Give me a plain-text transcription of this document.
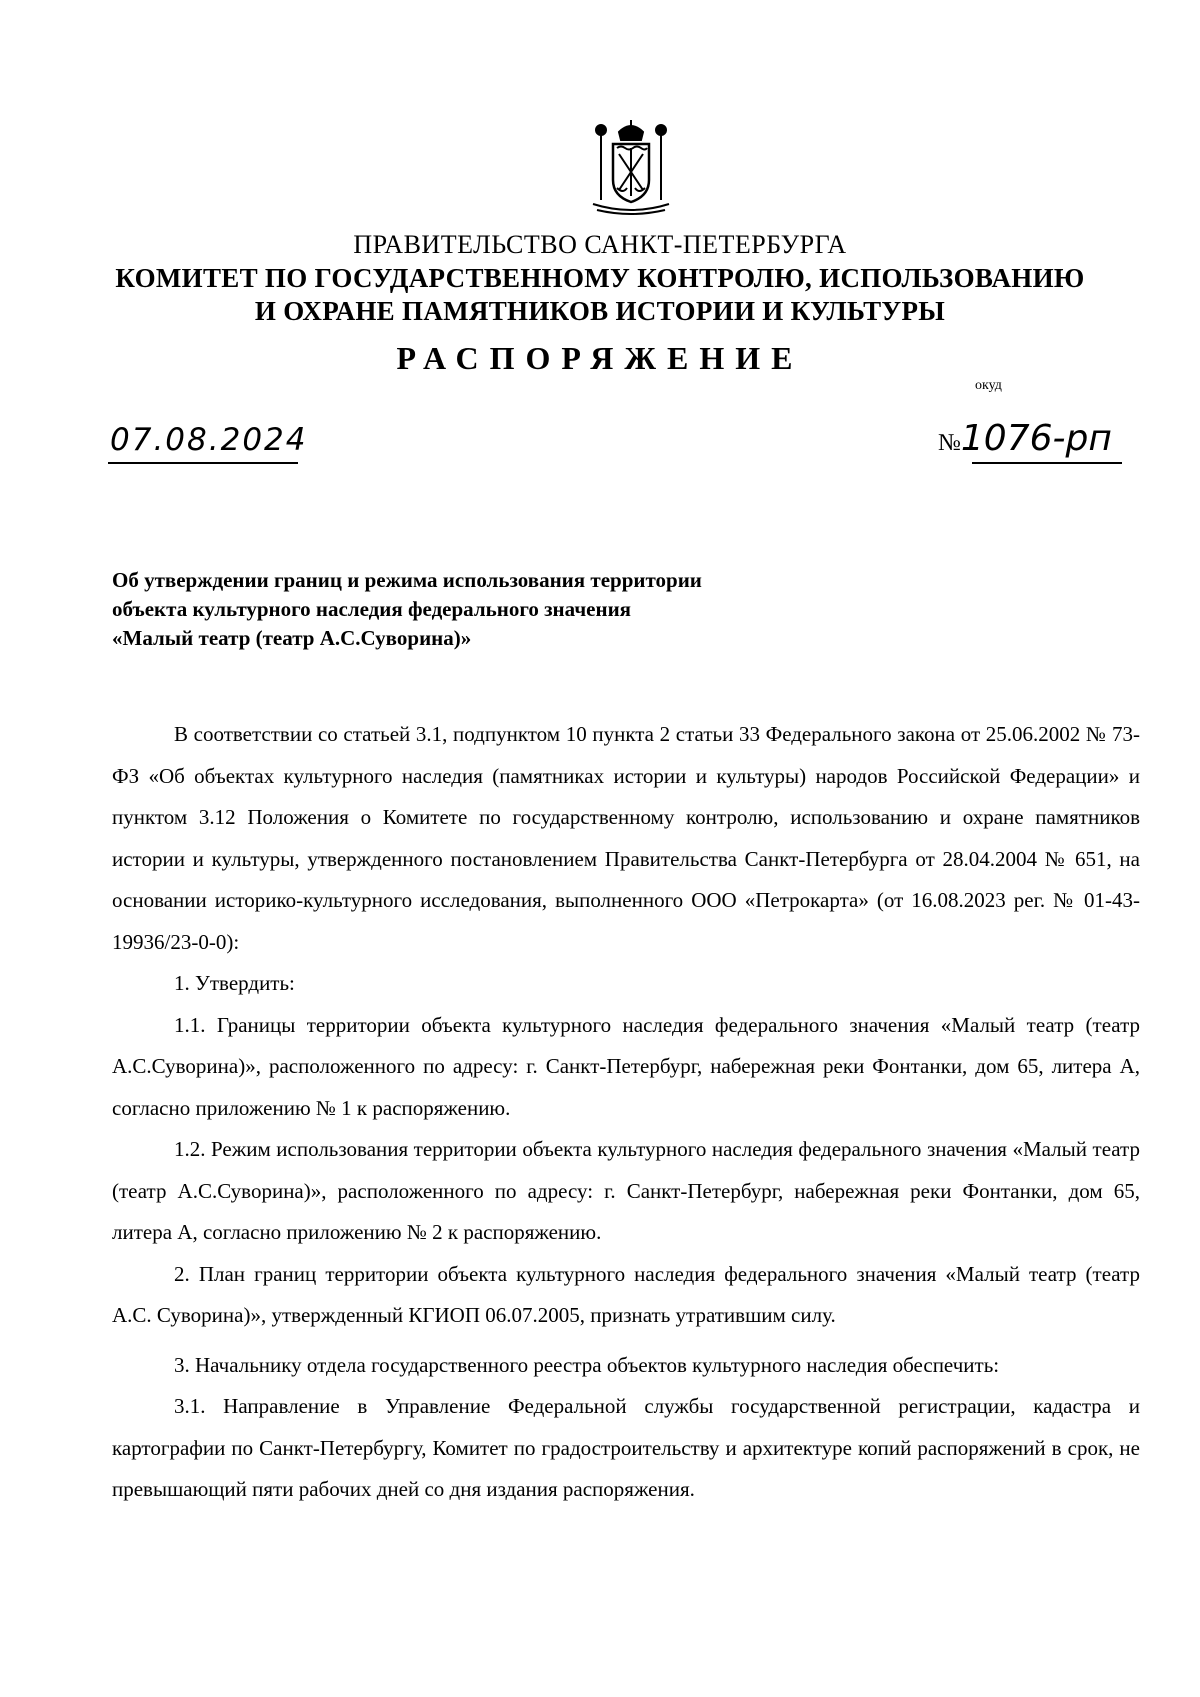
ПРАВИТЕЛЬСТВО САНКТ-ПЕТЕРБУРГА
КОМИТЕТ ПО ГОСУДАРСТВЕННОМУ КОНТРОЛЮ, ИСПОЛЬЗОВАНИЮ
И ОХРАНЕ ПАМЯТНИКОВ ИСТОРИИ И КУЛЬТУРЫ
РАСПОРЯЖЕНИЕ
окуд
07.08.2024	№1076-рп
Об утверждении границ и режима использования территории
объекта культурного наследия федерального значения
«Малый театр (театр А.С.Суворина)»

В соответствии со статьей 3.1, подпунктом 10 пункта 2 статьи 33 Федерального закона от 25.06.2002 № 73-ФЗ «Об объектах культурного наследия (памятниках истории и культуры) народов Российской Федерации» и пунктом 3.12 Положения о Комитете по государственному контролю, использованию и охране памятников истории и культуры, утвержденного постановлением Правительства Санкт-Петербурга от 28.04.2004 № 651, на основании историко-культурного исследования, выполненного ООО «Петрокарта» (от 16.08.2023 рег. № 01-43-19936/23-0-0):

1. Утвердить:

1.1. Границы территории объекта культурного наследия федерального значения «Малый театр (театр А.С.Суворина)», расположенного по адресу: г. Санкт-Петербург, набережная реки Фонтанки, дом 65, литера А, согласно приложению № 1 к распоряжению.

1.2. Режим использования территории объекта культурного наследия федерального значения «Малый театр (театр А.С.Суворина)», расположенного по адресу: г. Санкт-Петербург, набережная реки Фонтанки, дом 65, литера А, согласно приложению № 2 к распоряжению.

2. План границ территории объекта культурного наследия федерального значения «Малый театр (театр А.С. Суворина)», утвержденный КГИОП 06.07.2005, признать утратившим силу.

3. Начальнику отдела государственного реестра объектов культурного наследия обеспечить:

3.1. Направление в Управление Федеральной службы государственной регистрации, кадастра и картографии по Санкт-Петербургу, Комитет по градостроительству и архитектуре копий распоряжений в срок, не превышающий пяти рабочих дней со дня издания распоряжения.
